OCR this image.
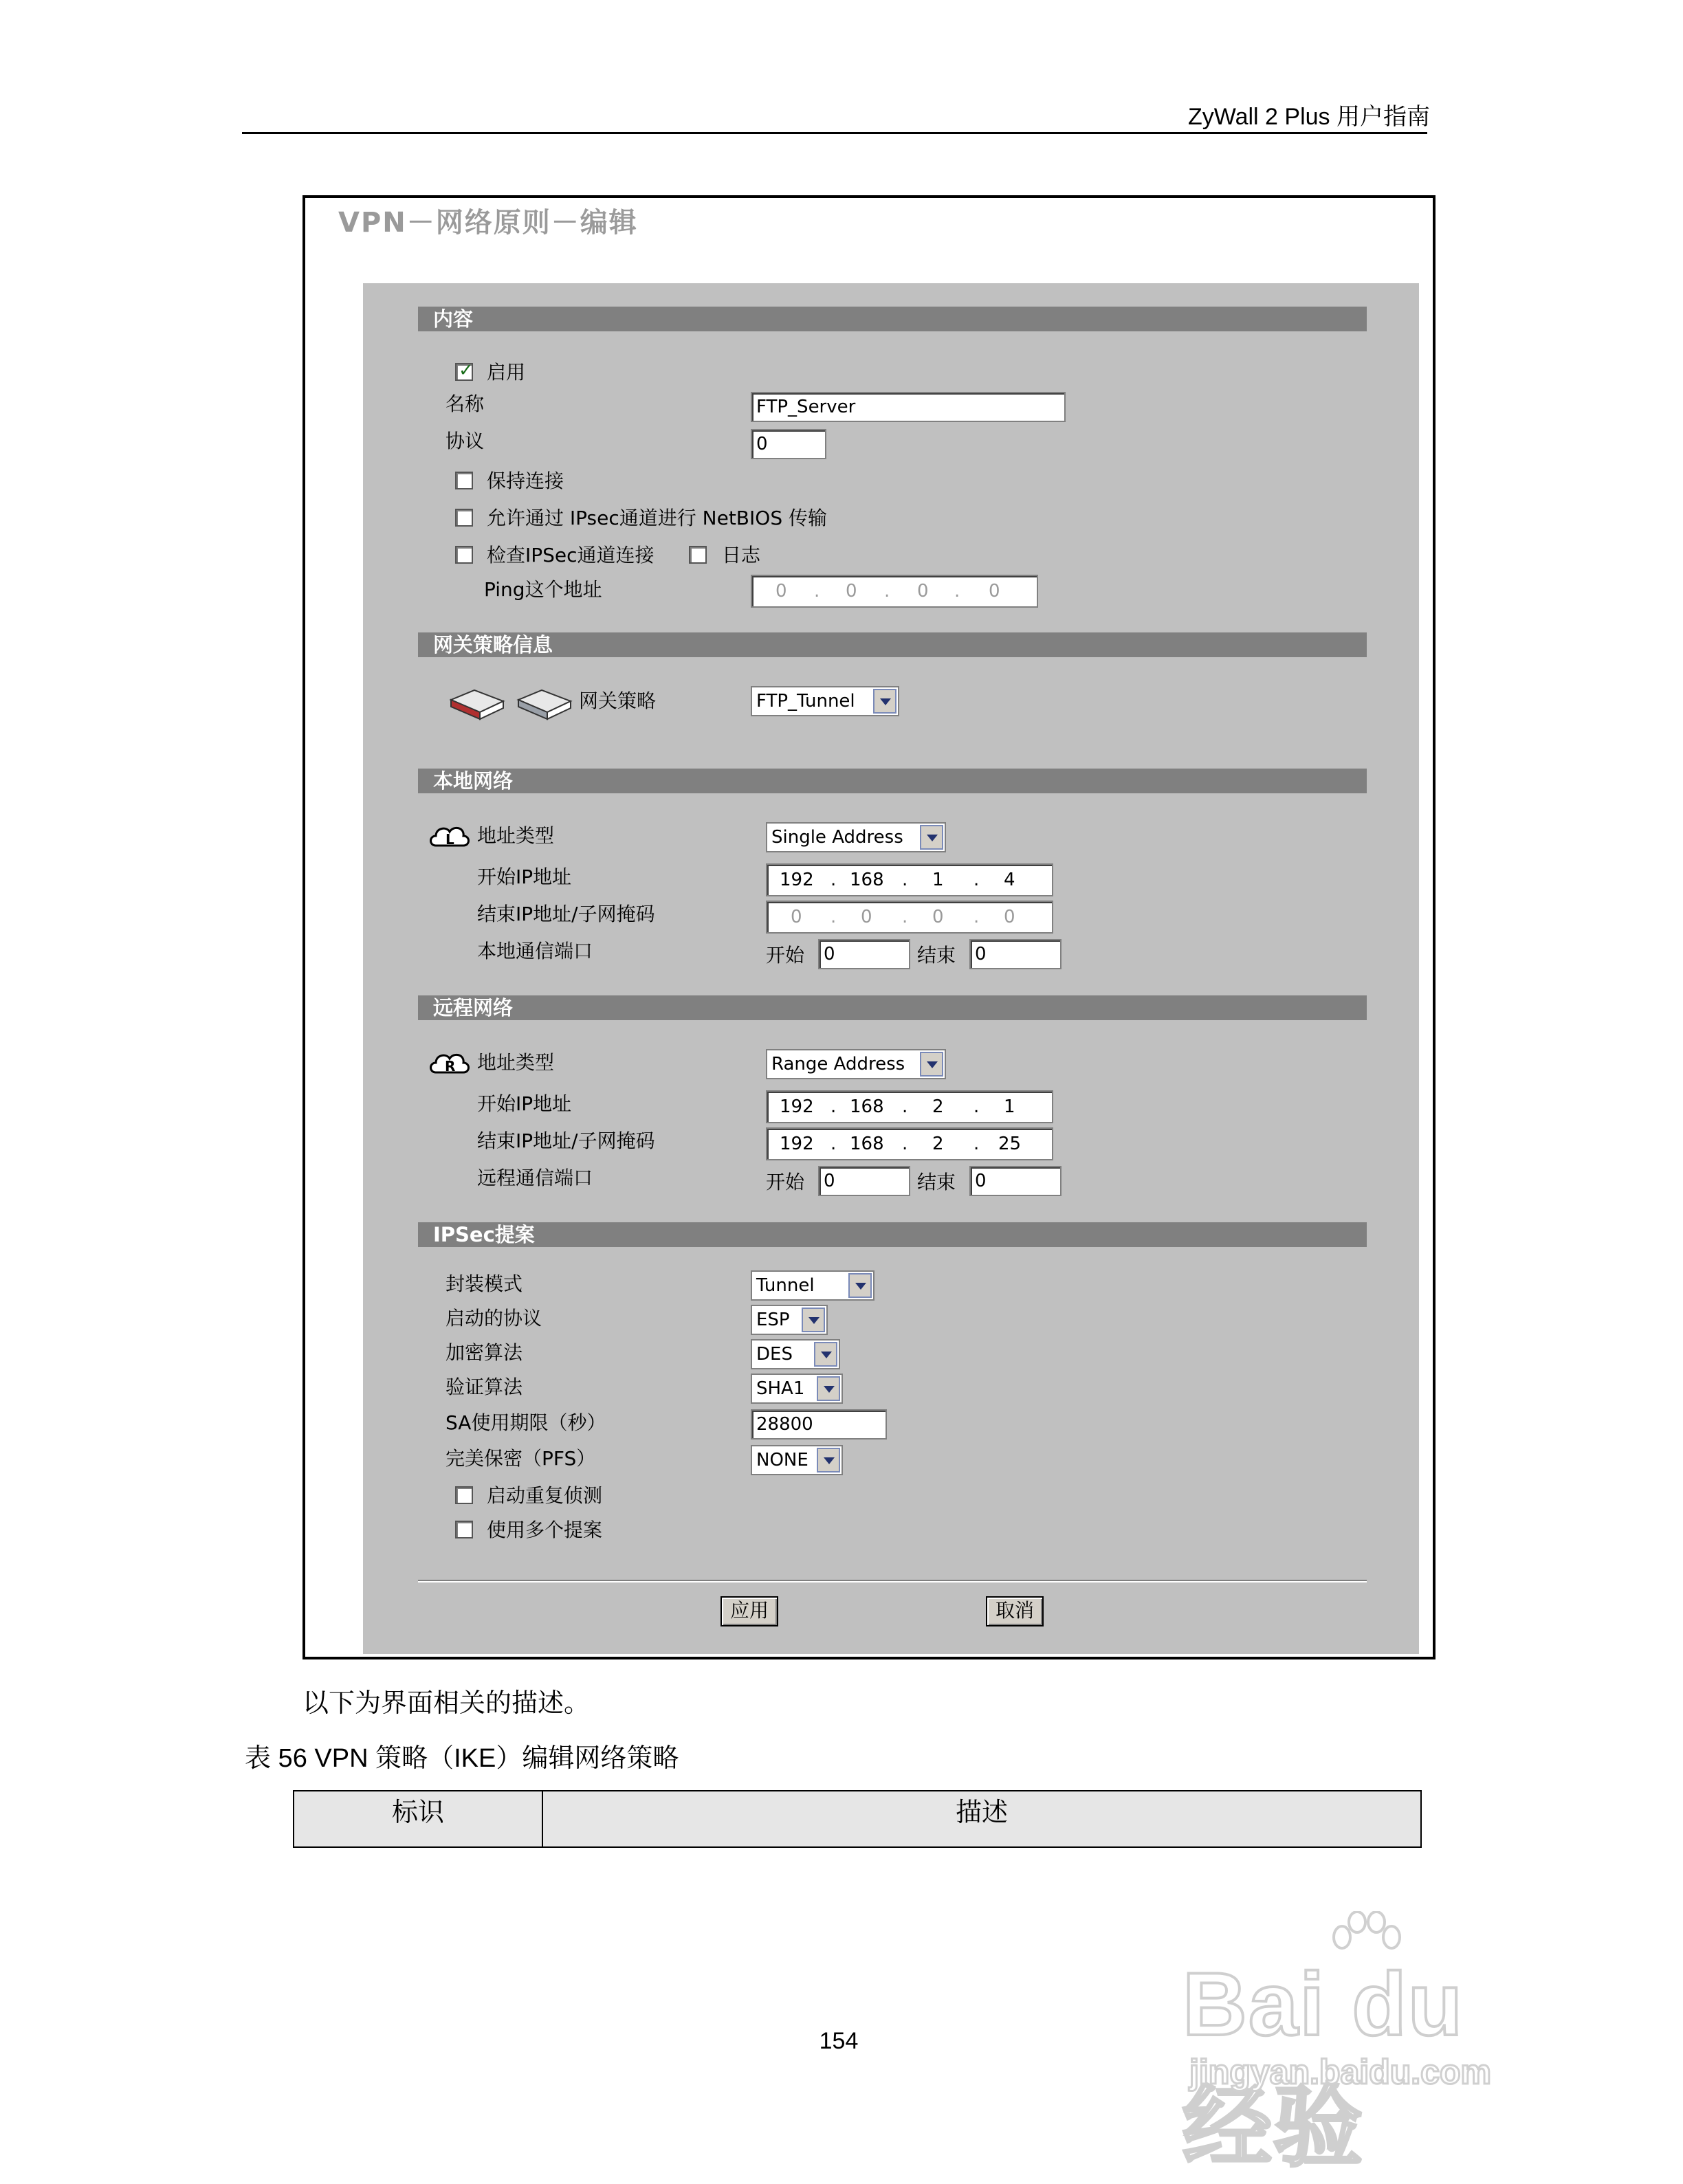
ZyWall 2 Plus 用户指南
VPN－网络原则－编辑
内容
✓ 启用
名称	FTP_Server
协议	0
保持连接
允许通过 IPsec通道进行 NetBIOS 传输
检查IPSec通道连接	日志
Ping这个地址	0 . 0 . 0 . 0
网关策略信息
网关策略	FTP_Tunnel
本地网络
L 地址类型	Single Address
开始IP地址	192 . 168 . 1 . 4
结束IP地址/子网掩码	0 . 0 . 0 . 0
本地通信端口	开始	0	结束	0
远程网络
R 地址类型	Range Address
开始IP地址	192 . 168 . 2 . 1
结束IP地址/子网掩码	192 . 168 . 2 . 25
远程通信端口	开始	0	结束	0
IPSec提案
封装模式	Tunnel
启动的协议	ESP
加密算法	DES
验证算法	SHA1
SA使用期限（秒）	28800
完美保密（PFS）	NONE
启动重复侦测
使用多个提案
应用	取消
以下为界面相关的描述。
表 56 VPN 策略（IKE）编辑网络策略
标识	描述
154	Bai du 经验
jingyan.baidu.com
